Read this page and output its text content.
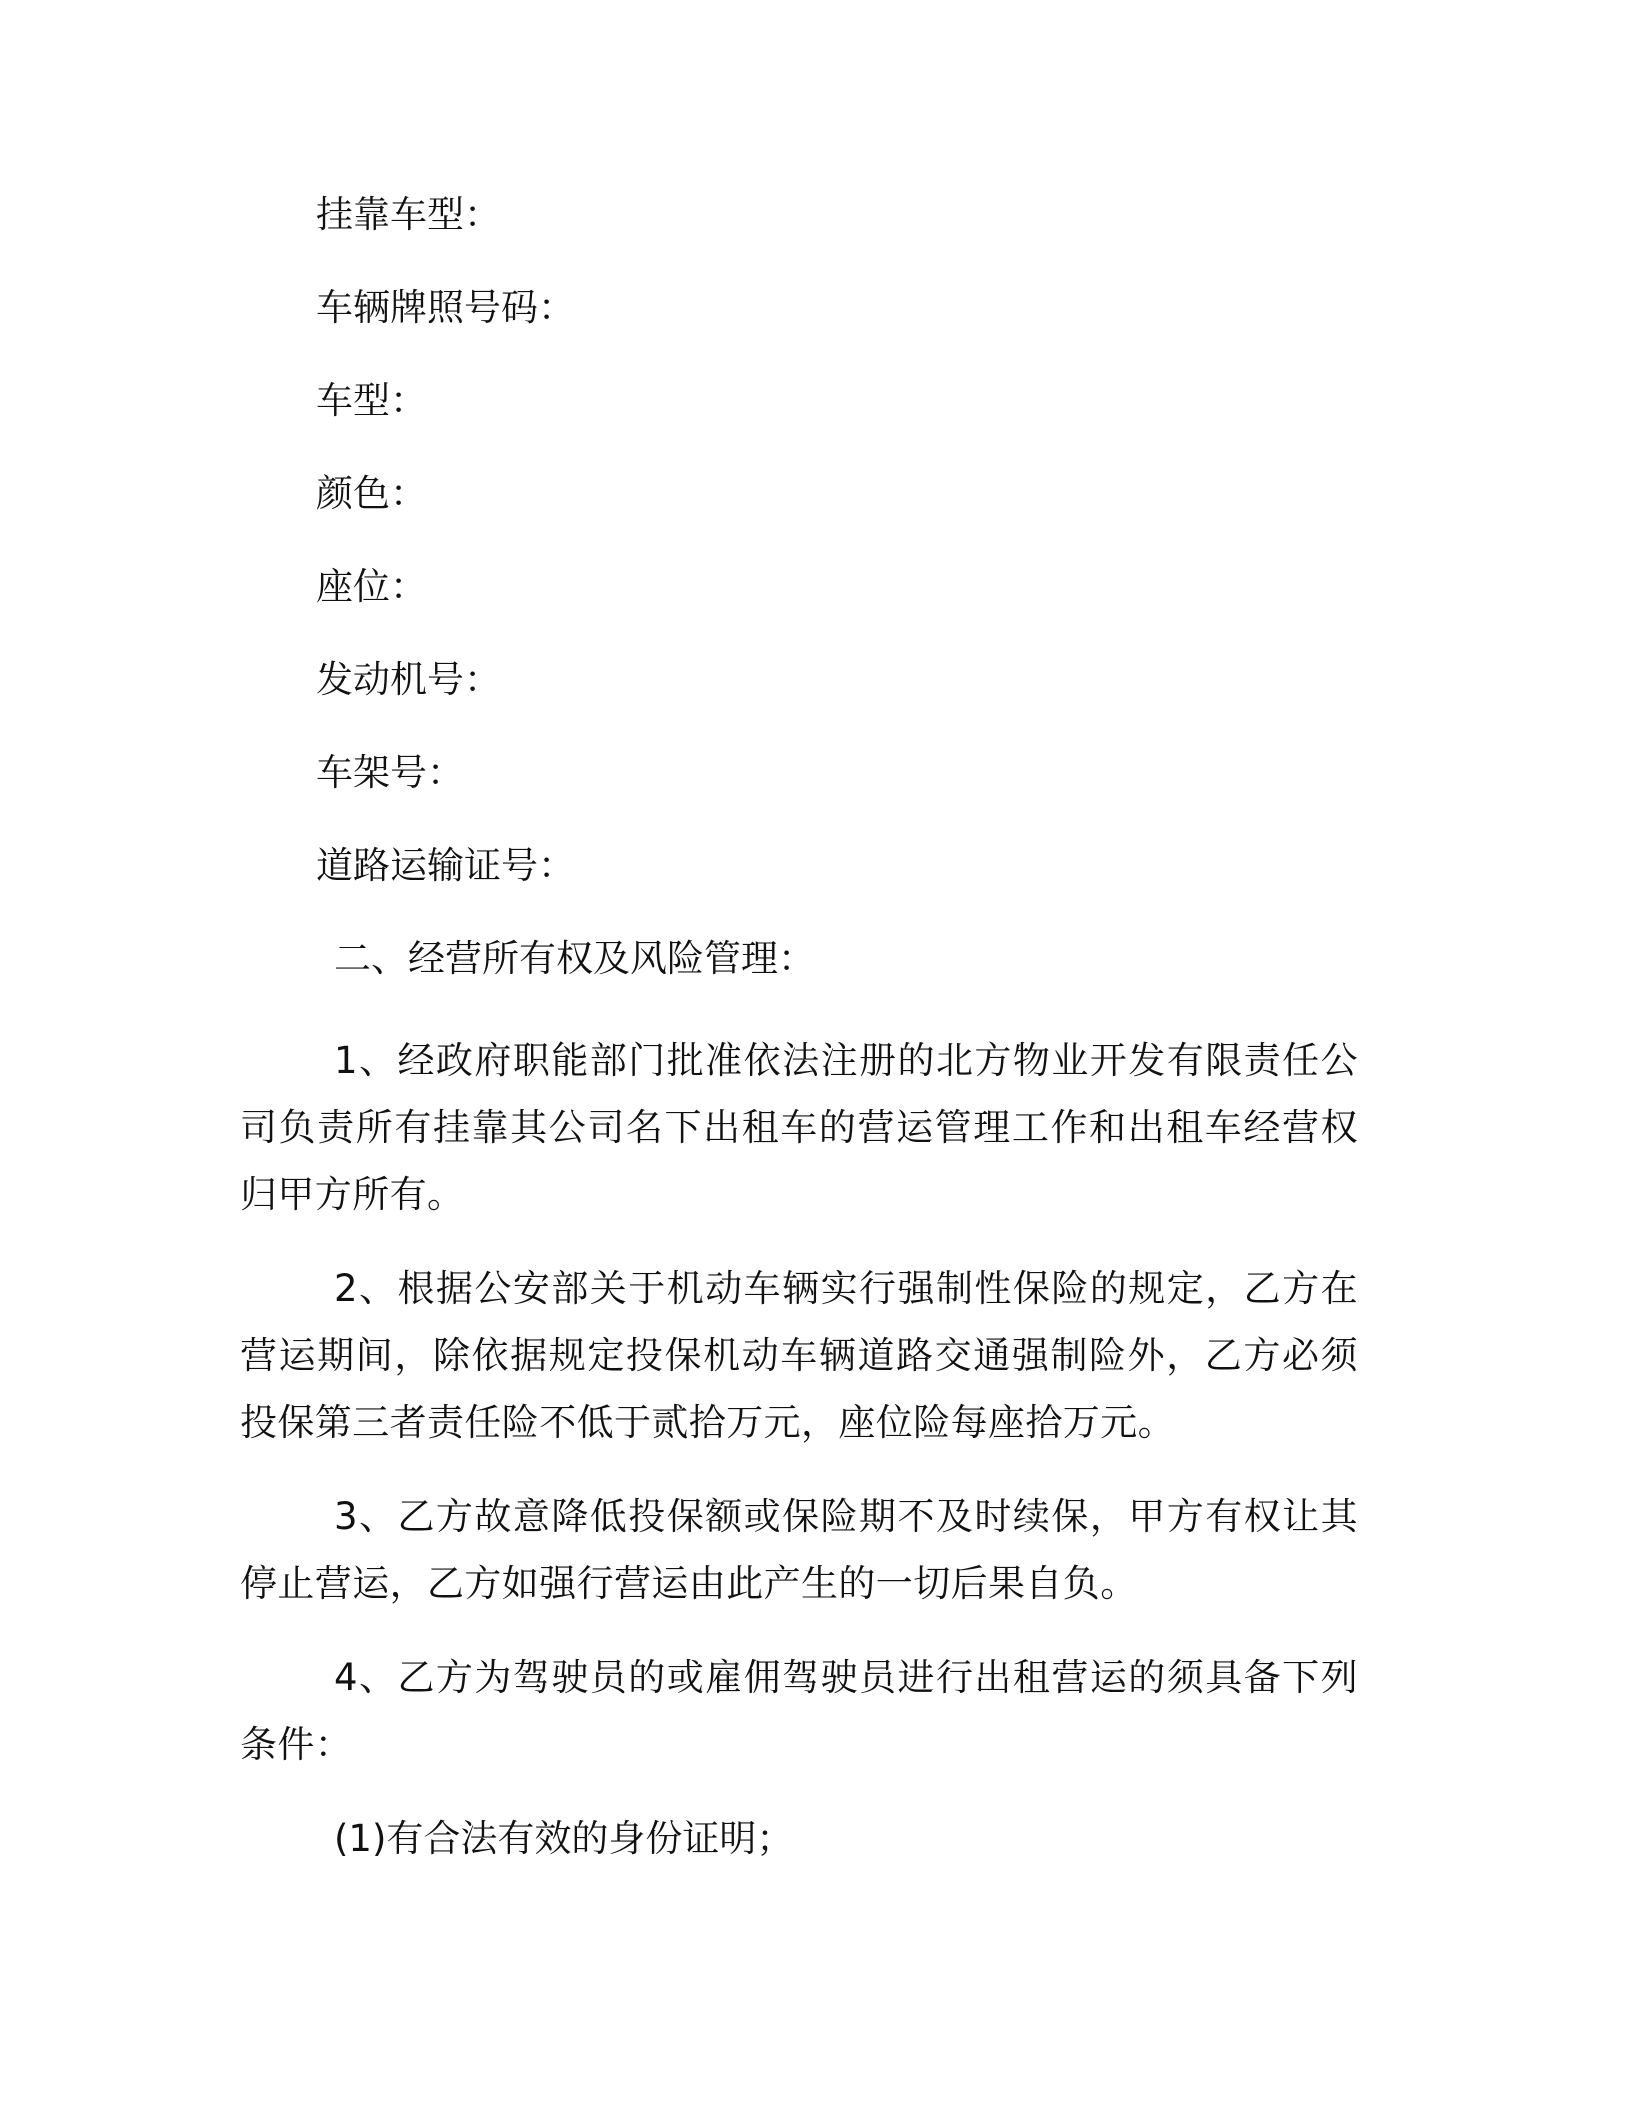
挂靠车型：
车辆牌照号码：
车型：
颜色：
座位：
发动机号：
车架号：
道路运输证号：
二、经营所有权及风险管理：

1、经政府职能部门批准依法注册的北方物业开发有限责任公司负责所有挂靠其公司名下出租车的营运管理工作和出租车经营权归甲方所有。

2、根据公安部关于机动车辆实行强制性保险的规定，乙方在营运期间，除依据规定投保机动车辆道路交通强制险外，乙方必须投保第三者责任险不低于贰拾万元，座位险每座拾万元。

3、乙方故意降低投保额或保险期不及时续保，甲方有权让其停止营运，乙方如强行营运由此产生的一切后果自负。

4、乙方为驾驶员的或雇佣驾驶员进行出租营运的须具备下列条件：

(1)有合法有效的身份证明；
